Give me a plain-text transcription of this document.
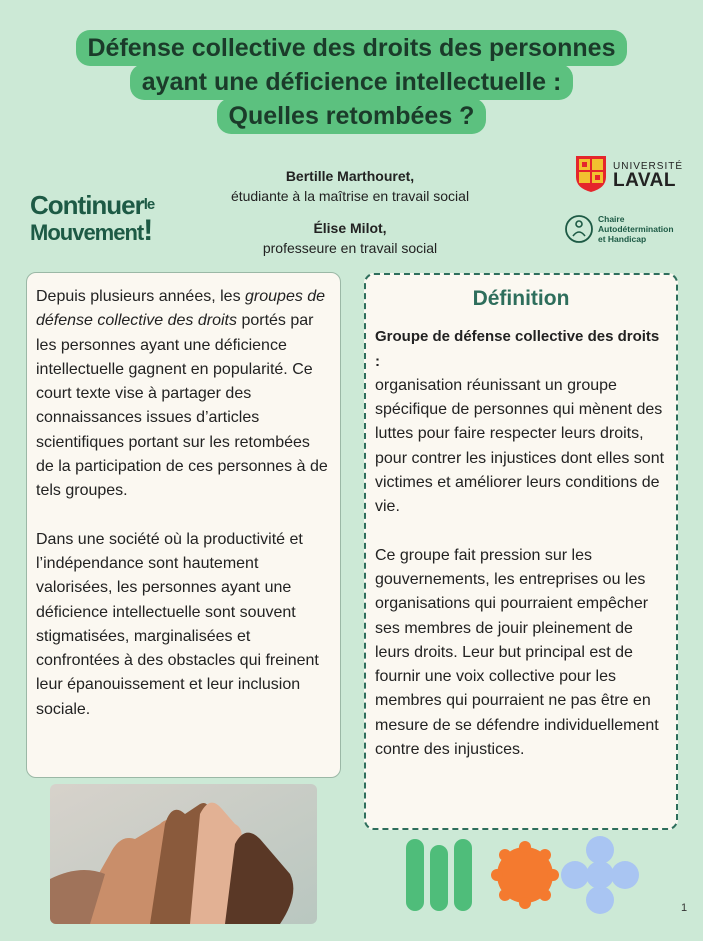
Défense collective des droits des personnes
ayant une déficience intellectuelle :
Quelles retombées ?
Bertille Marthouret,
étudiante à la maîtrise en travail social
Élise Milot,
professeure en travail social
Continuer$^{le}$
Mouvement!
UNIVERSITÉ
LAVAL
Chaire
Autodétermination
et Handicap

Depuis plusieurs années, les groupes de défense collective des droits portés par les personnes ayant une déficience intellectuelle gagnent en popularité. Ce court texte vise à partager des connaissances issues d’articles scientifiques portant sur les retombées de la participation de ces personnes à de tels groupes.

Dans une société où la productivité et l’indépendance sont hautement valorisées, les personnes ayant une déficience intellectuelle sont souvent stigmatisées, marginalisées et confrontées à des obstacles qui freinent leur épanouissement et leur inclusion sociale.

Définition
Groupe de défense collective des droits :

organisation réunissant un groupe spécifique de personnes qui mènent des luttes pour faire respecter leurs droits, pour contrer les injustices dont elles sont victimes et améliorer leurs conditions de vie.

Ce groupe fait pression sur les gouvernements, les entreprises ou les organisations qui pourraient empêcher ses membres de jouir pleinement de leurs droits. Leur but principal est de fournir une voix collective pour les membres qui pourraient ne pas être en mesure de se défendre individuellement contre des injustices.

1
